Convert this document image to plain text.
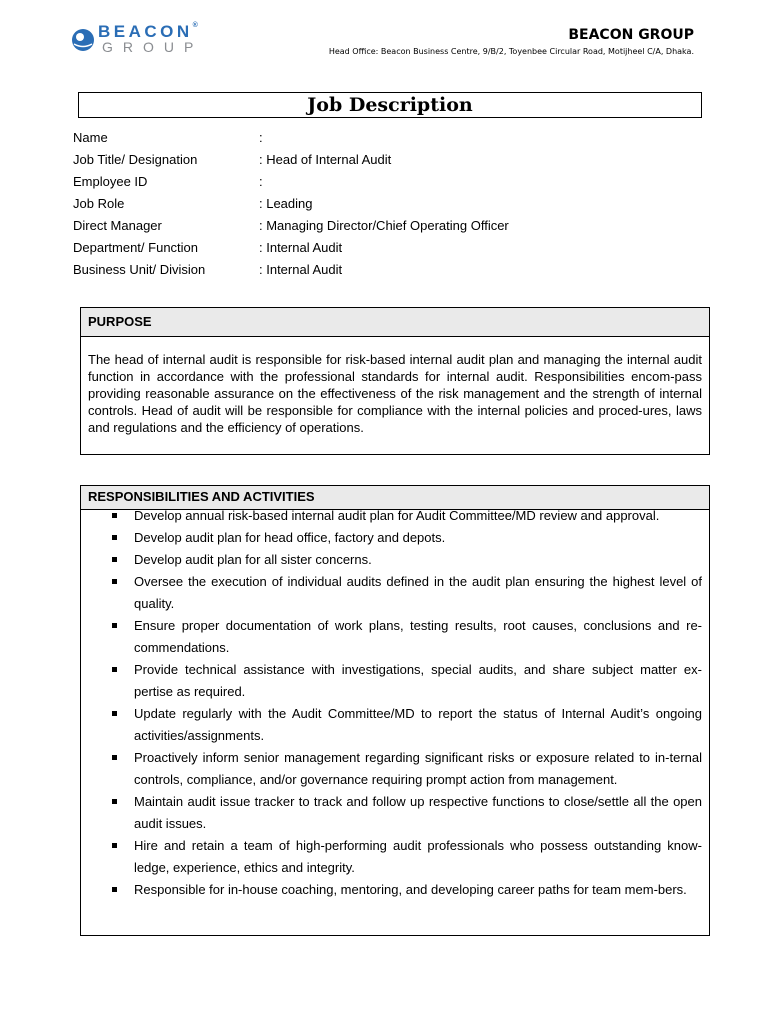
BEACON®
GROUP
BEACON GROUP
Head Office: Beacon Business Centre, 9/B/2, Toyenbee Circular Road, Motijheel C/A, Dhaka.
Job Description
Name	:
Job Title/ Designation	: Head of Internal Audit
Employee ID	:
Job Role	: Leading
Direct Manager	: Managing Director/Chief Operating Officer
Department/ Function	: Internal Audit
Business Unit/ Division	: Internal Audit
PURPOSE
The head of internal audit is responsible for risk-based internal audit plan and managing the internal audit function in accordance with the professional standards for internal audit. Responsibilities encom-pass providing reasonable assurance on the effectiveness of the risk management and the strength of internal controls. Head of audit will be responsible for compliance with the internal policies and proced-ures, laws and regulations and the efficiency of operations.
RESPONSIBILITIES AND ACTIVITIES
Develop annual risk-based internal audit plan for Audit Committee/MD review and approval.
Develop audit plan for head office, factory and depots.
Develop audit plan for all sister concerns.
Oversee the execution of individual audits defined in the audit plan ensuring the highest level of quality.
Ensure proper documentation of work plans, testing results, root causes, conclusions and re-commendations.
Provide technical assistance with investigations, special audits, and share subject matter ex-pertise as required.
Update regularly with the Audit Committee/MD to report the status of Internal Audit’s ongoing activities/assignments.
Proactively inform senior management regarding significant risks or exposure related to in-ternal controls, compliance, and/or governance requiring prompt action from management.
Maintain audit issue tracker to track and follow up respective functions to close/settle all the open audit issues.
Hire and retain a team of high-performing audit professionals who possess outstanding know-ledge, experience, ethics and integrity.
Responsible for in-house coaching, mentoring, and developing career paths for team mem-bers.
